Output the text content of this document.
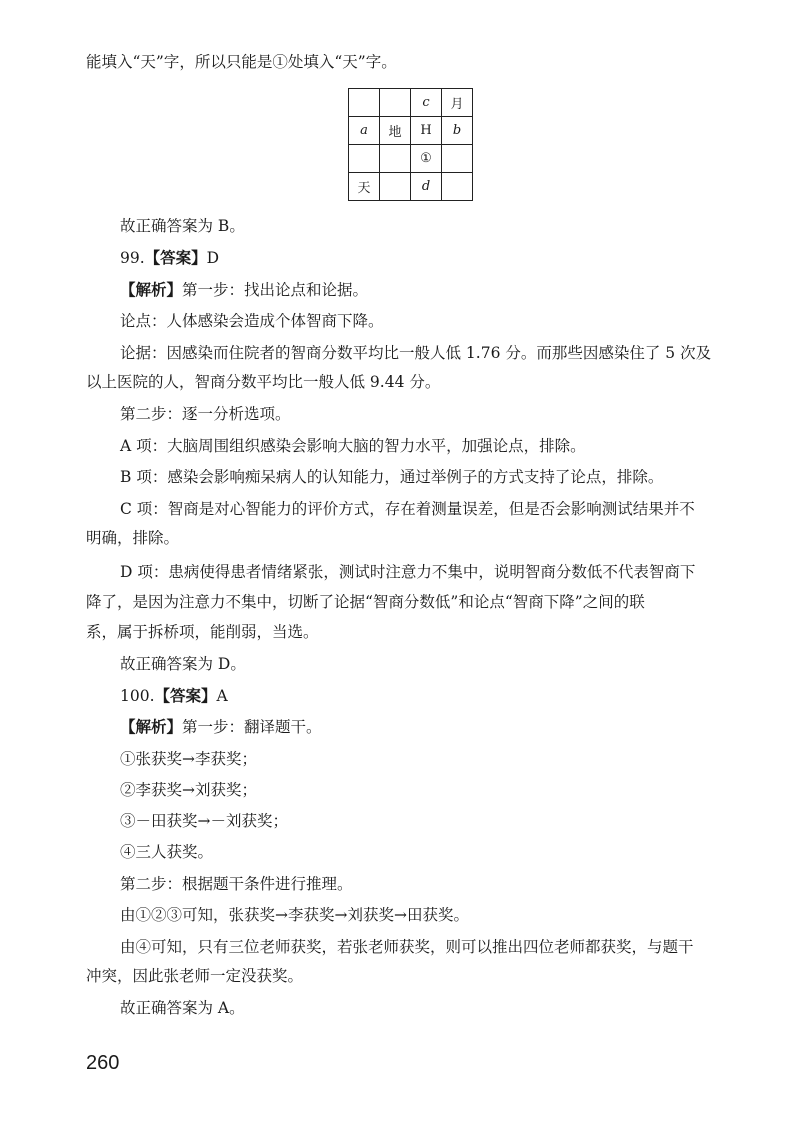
能填入“天”字，所以只能是①处填入“天”字。
		c	月
a	地	H	b
		①	
天		d	
故正确答案为 B。
99.【答案】D
【解析】第一步：找出论点和论据。
论点：人体感染会造成个体智商下降。
论据：因感染而住院者的智商分数平均比一般人低 1.76 分。而那些因感染住了 5 次及
以上医院的人，智商分数平均比一般人低 9.44 分。
第二步：逐一分析选项。
A 项：大脑周围组织感染会影响大脑的智力水平，加强论点，排除。
B 项：感染会影响痴呆病人的认知能力，通过举例子的方式支持了论点，排除。
C 项：智商是对心智能力的评价方式，存在着测量误差，但是否会影响测试结果并不
明确，排除。
D 项：患病使得患者情绪紧张，测试时注意力不集中，说明智商分数低不代表智商下
降了，是因为注意力不集中，切断了论据“智商分数低”和论点“智商下降”之间的联
系，属于拆桥项，能削弱，当选。
故正确答案为 D。
100.【答案】A
【解析】第一步：翻译题干。
①张获奖→李获奖；
②李获奖→刘获奖；
③－田获奖→－刘获奖；
④三人获奖。
第二步：根据题干条件进行推理。
由①②③可知，张获奖→李获奖→刘获奖→田获奖。
由④可知，只有三位老师获奖，若张老师获奖，则可以推出四位老师都获奖，与题干
冲突，因此张老师一定没获奖。
故正确答案为 A。
260
